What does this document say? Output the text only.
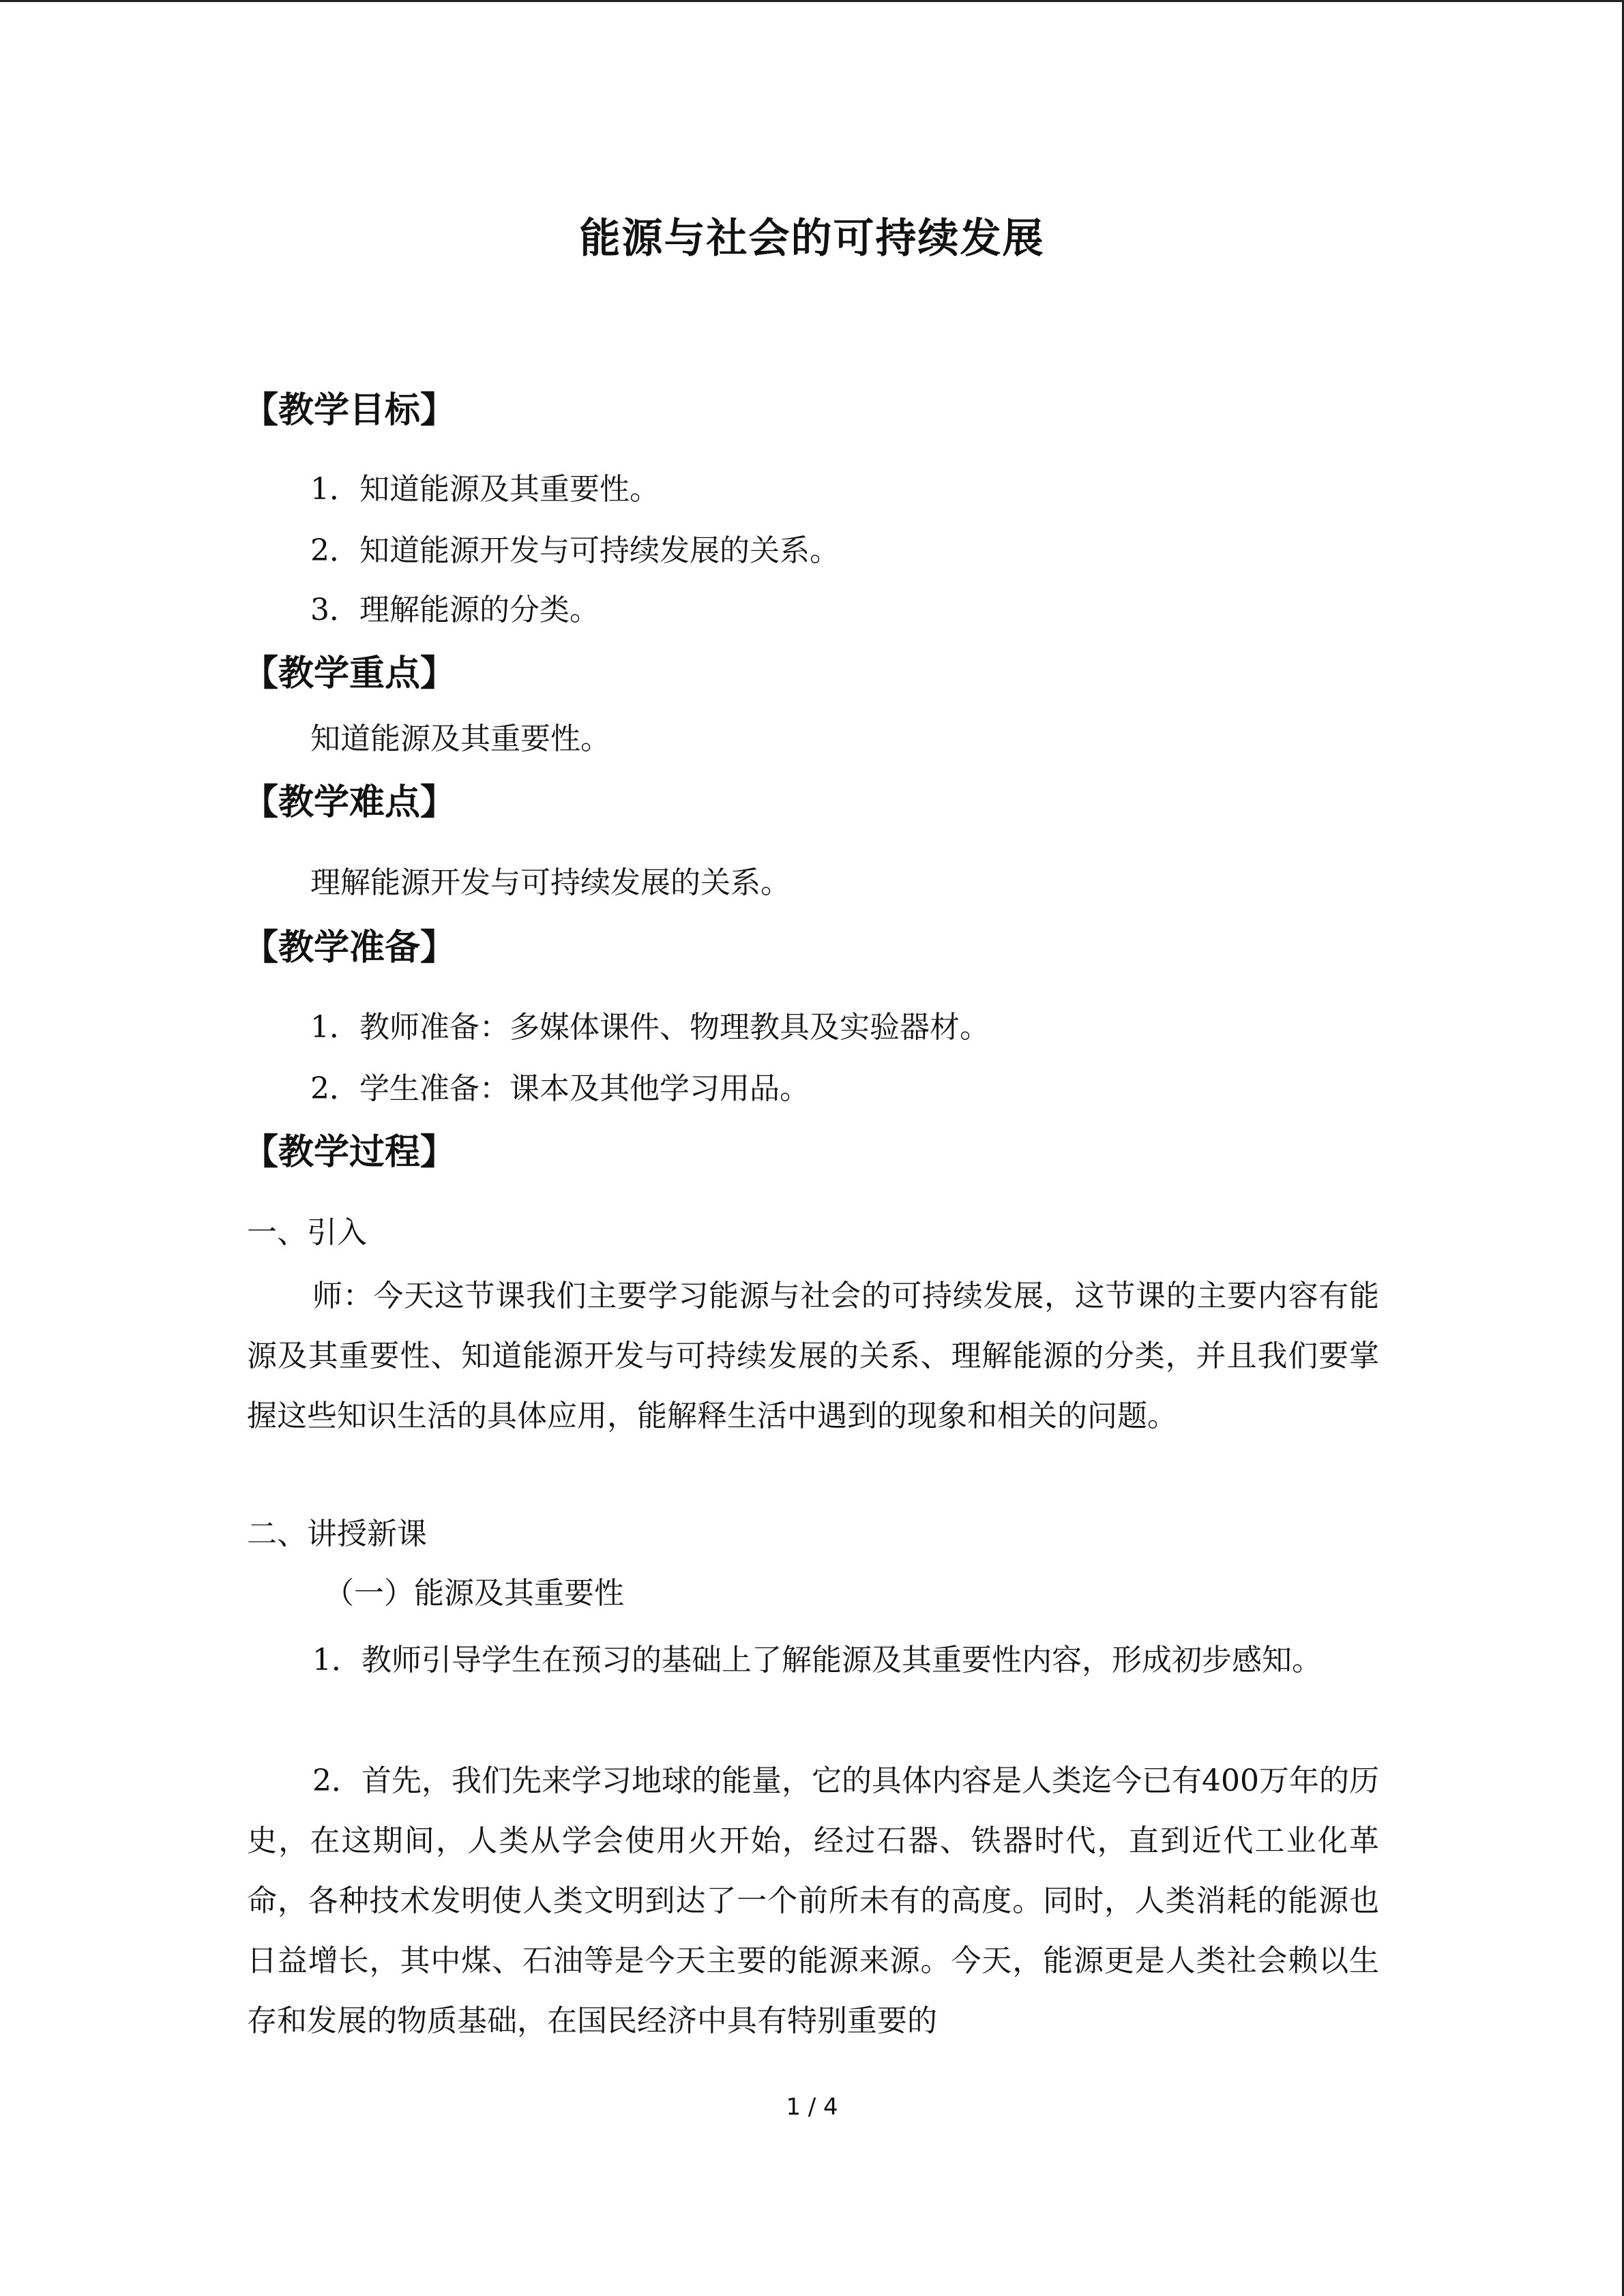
能源与社会的可持续发展
【教学目标】
1．知道能源及其重要性。
2．知道能源开发与可持续发展的关系。
3．理解能源的分类。
【教学重点】
知道能源及其重要性。
【教学难点】
理解能源开发与可持续发展的关系。
【教学准备】
1．教师准备：多媒体课件、物理教具及实验器材。
2．学生准备：课本及其他学习用品。
【教学过程】
一、引入
师：今天这节课我们主要学习能源与社会的可持续发展，这节课的主要内容有能源及其重要性、知道能源开发与可持续发展的关系、理解能源的分类，并且我们要掌握这些知识生活的具体应用，能解释生活中遇到的现象和相关的问题。
二、讲授新课
（一）能源及其重要性
1．教师引导学生在预习的基础上了解能源及其重要性内容，形成初步感知。
2．首先，我们先来学习地球的能量，它的具体内容是人类迄今已有400万年的历史，在这期间，人类从学会使用火开始，经过石器、铁器时代，直到近代工业化革命，各种技术发明使人类文明到达了一个前所未有的高度。同时，人类消耗的能源也日益增长，其中煤、石油等是今天主要的能源来源。今天，能源更是人类社会赖以生存和发展的物质基础，在国民经济中具有特别重要的
1 / 4
